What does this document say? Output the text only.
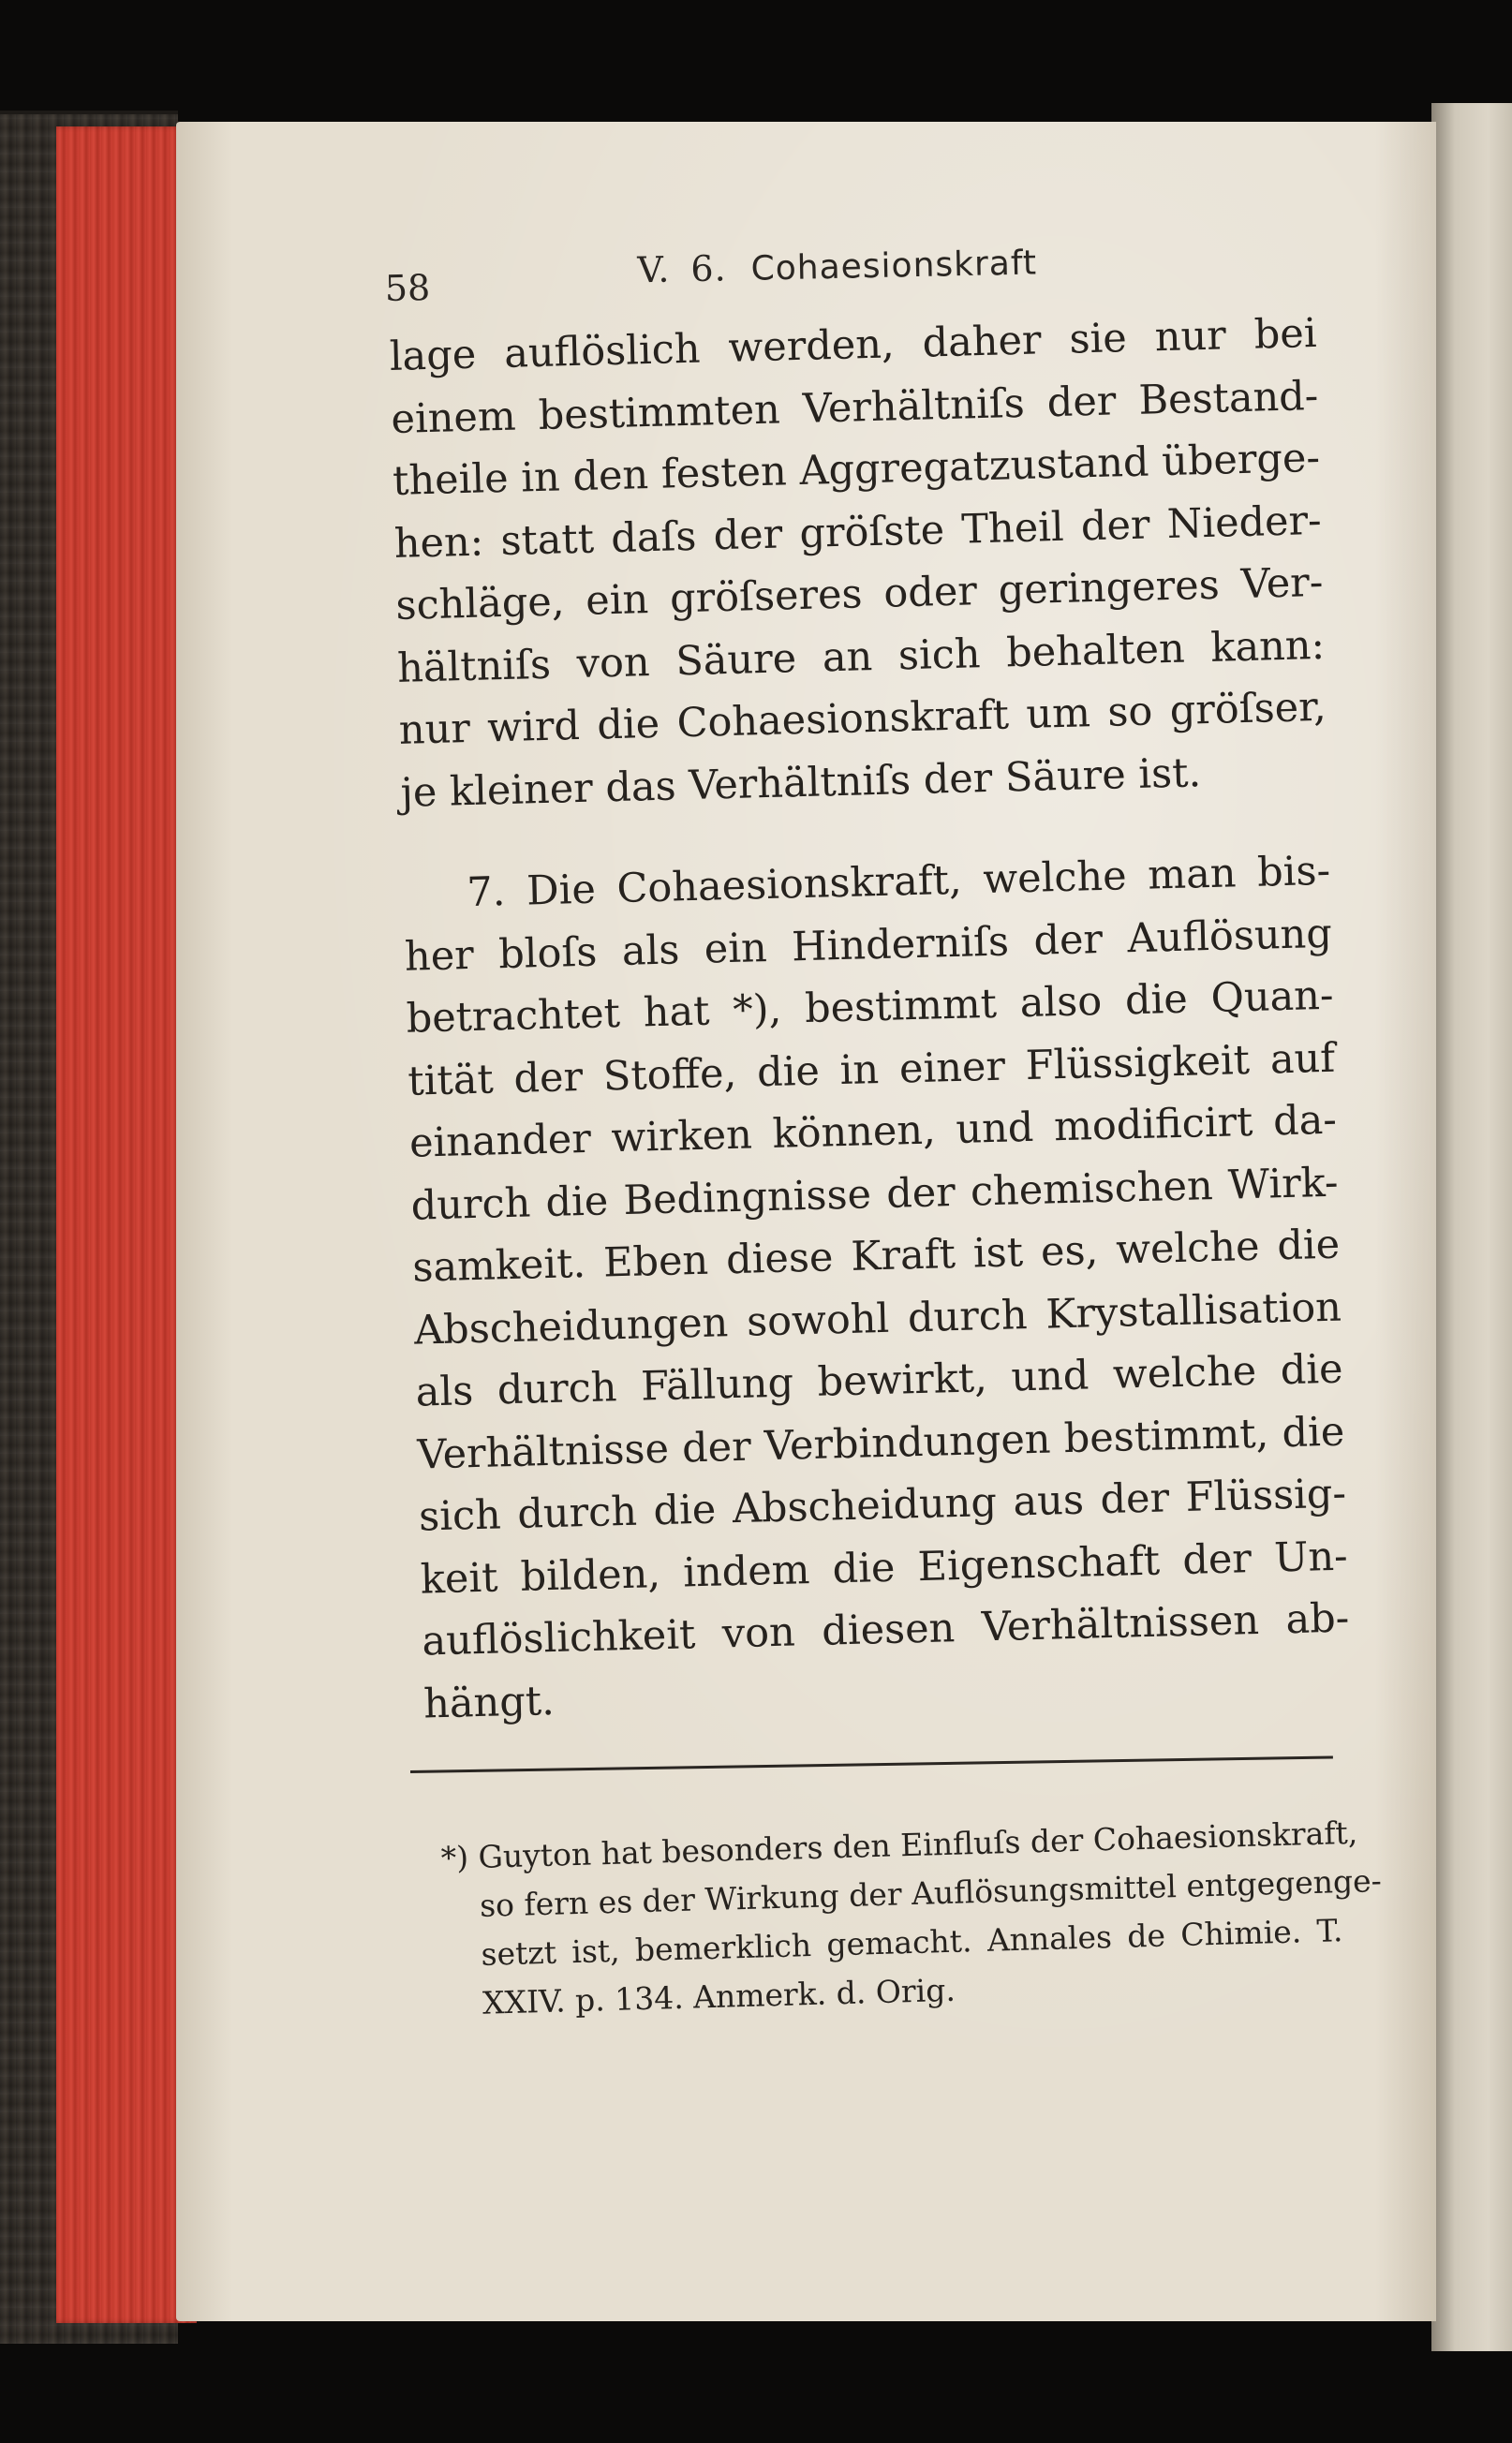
58	V. 6. Cohaesionskraft
lage auflöslich werden, daher sie nur bei
einem bestimmten Verhältniſs der Bestand-
theile in den festen Aggregatzustand überge-
hen: statt daſs der gröſste Theil der Nieder-
schläge, ein gröſseres oder geringeres Ver-
hältniſs von Säure an sich behalten kann:
nur wird die Cohaesionskraft um so gröſser,
je kleiner das Verhältniſs der Säure ist.
7. Die Cohaesionskraft, welche man bis-
her bloſs als ein Hinderniſs der Auflösung
betrachtet hat *), bestimmt also die Quan-
tität der Stoffe, die in einer Flüssigkeit auf
einander wirken können, und modificirt da-
durch die Bedingnisse der chemischen Wirk-
samkeit. Eben diese Kraft ist es, welche die
Abscheidungen sowohl durch Krystallisation
als durch Fällung bewirkt, und welche die
Verhältnisse der Verbindungen bestimmt, die
sich durch die Abscheidung aus der Flüssig-
keit bilden, indem die Eigenschaft der Un-
auflöslichkeit von diesen Verhältnissen ab-
hängt.
*) Guyton hat besonders den Einfluſs der Cohaesionskraft,
so fern es der Wirkung der Auflösungsmittel entgegenge-
setzt ist, bemerklich gemacht. Annales de Chimie. T.
XXIV. p. 134. Anmerk. d. Orig.
